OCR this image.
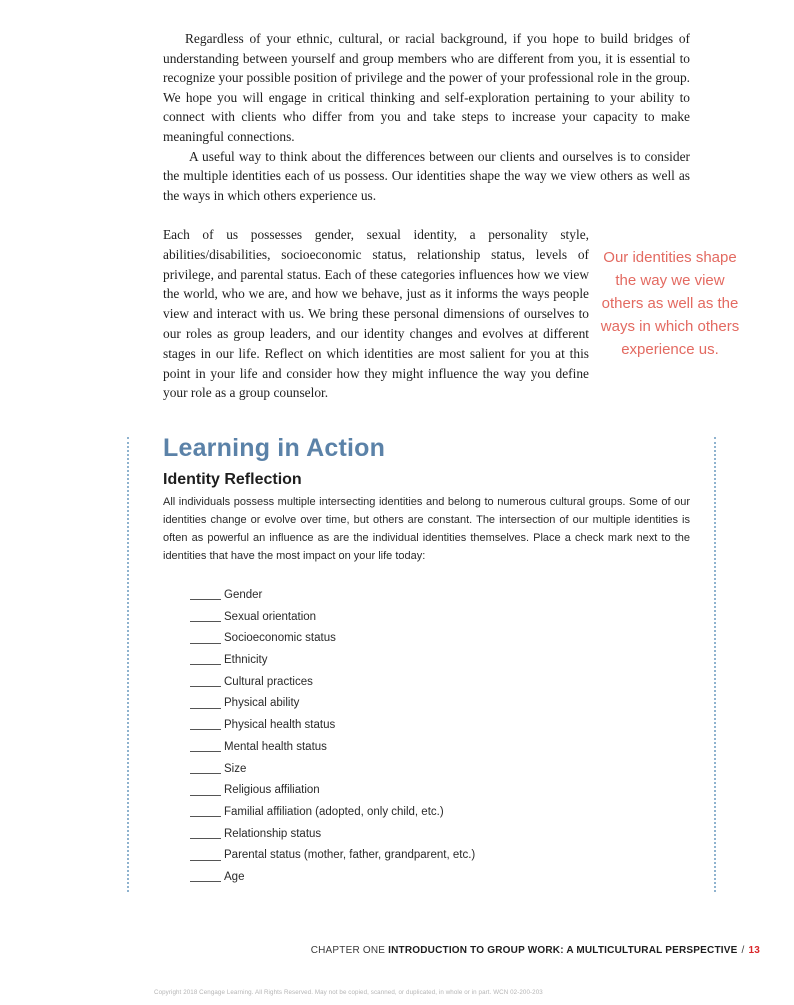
Regardless of your ethnic, cultural, or racial background, if you hope to build bridges of understanding between yourself and group members who are different from you, it is essential to recognize your possible position of privilege and the power of your professional role in the group. We hope you will engage in critical thinking and self-exploration pertaining to your ability to connect with clients who differ from you and take steps to increase your capacity to make meaningful connections.

A useful way to think about the differences between our clients and ourselves is to consider the multiple identities each of us possess. Our identities shape the way we view others as well as the ways in which others experience us.

Each of us possesses gender, sexual identity, a personality style, abilities/disabilities, socioeconomic status, relationship status, levels of privilege, and parental status. Each of these categories influences how we view the world, who we are, and how we behave, just as it informs the ways people view and interact with us. We bring these personal dimensions of ourselves to our roles as group leaders, and our identity changes and evolves at different stages in our life. Reflect on which identities are most salient for you at this point in your life and consider how they might influence the way you define your role as a group counselor.

Our identities shape the way we view others as well as the ways in which others experience us.
Learning in Action
Identity Reflection

All individuals possess multiple intersecting identities and belong to numerous cultural groups. Some of our identities change or evolve over time, but others are constant. The intersection of our multiple identities is often as powerful an influence as are the individual identities themselves. Place a check mark next to the identities that have the most impact on your life today:

Gender
Sexual orientation
Socioeconomic status
Ethnicity
Cultural practices
Physical ability
Physical health status
Mental health status
Size
Religious affiliation
Familial affiliation (adopted, only child, etc.)
Relationship status
Parental status (mother, father, grandparent, etc.)
Age

CHAPTER ONE INTRODUCTION TO GROUP WORK: A MULTICULTURAL PERSPECTIVE / 13

Copyright 2018 Cengage Learning. All Rights Reserved. May not be copied, scanned, or duplicated, in whole or in part. WCN 02-200-203
